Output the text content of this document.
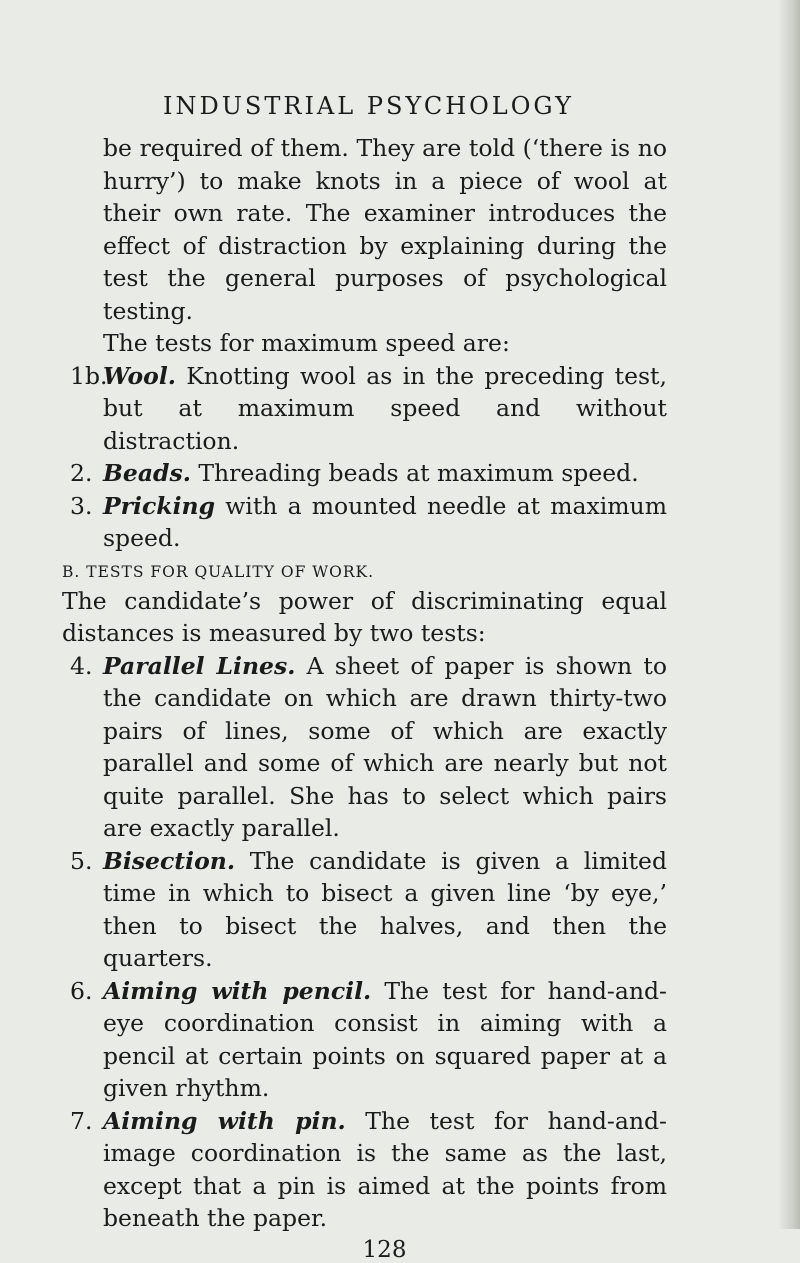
INDUSTRIAL PSYCHOLOGY

be required of them. They are told (‘there is no hurry’) to make knots in a piece of wool at their own rate. The examiner introduces the effect of distraction by explaining during the test the general purposes of psychological testing.

The tests for maximum speed are:

1b.Wool. Knotting wool as in the preceding test, but at maximum speed and without distraction.

2. Beads. Threading beads at maximum speed.

3. Pricking with a mounted needle at maximum speed.

B. TESTS FOR QUALITY OF WORK.

The candidate’s power of discriminating equal distances is measured by two tests:

4. Parallel Lines. A sheet of paper is shown to the candidate on which are drawn thirty-two pairs of lines, some of which are exactly parallel and some of which are nearly but not quite parallel. She has to select which pairs are exactly parallel.

5. Bisection. The candidate is given a limited time in which to bisect a given line ‘by eye,’ then to bisect the halves, and then the quarters.

6. Aiming with pencil. The test for hand-and-eye coordination consist in aiming with a pencil at certain points on squared paper at a given rhythm.

7. Aiming with pin. The test for hand-and-image coordination is the same as the last, except that a pin is aimed at the points from beneath the paper.

128
